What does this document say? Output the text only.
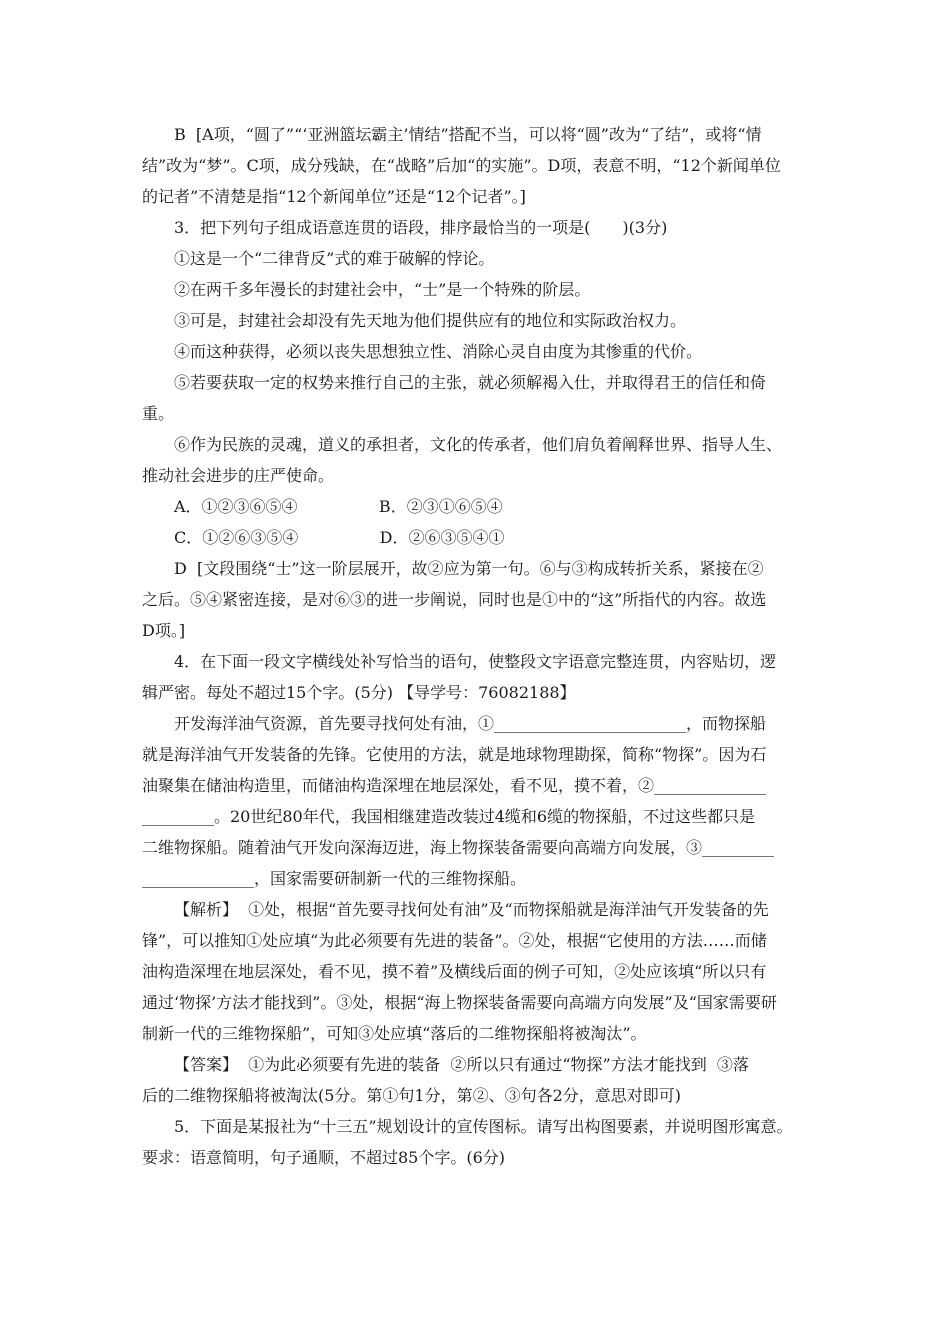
B  [A项，“圆了”“‘亚洲篮坛霸主’情结”搭配不当，可以将“圆”改为“了结”，或将“情
结”改为“梦”。C项，成分残缺，在“战略”后加“的实施”。D项，表意不明，“12个新闻单位
的记者”不清楚是指“12个新闻单位”还是“12个记者”。]
3．把下列句子组成语意连贯的语段，排序最恰当的一项是(　　)(3分)
①这是一个“二律背反”式的难于破解的悖论。
②在两千多年漫长的封建社会中，“士”是一个特殊的阶层。
③可是，封建社会却没有先天地为他们提供应有的地位和实际政治权力。
④而这种获得，必须以丧失思想独立性、消除心灵自由度为其惨重的代价。
⑤若要获取一定的权势来推行自己的主张，就必须解褐入仕，并取得君王的信任和倚
重。
⑥作为民族的灵魂，道义的承担者，文化的传承者，他们肩负着阐释世界、指导人生、
推动社会进步的庄严使命。
A．①②③⑥⑤④                B．②③①⑥⑤④
C．①②⑥③⑤④                D．②⑥③⑤④①
D  [文段围绕“士”这一阶层展开，故②应为第一句。⑥与③构成转折关系，紧接在②
之后。⑤④紧密连接，是对⑥③的进一步阐说，同时也是①中的“这”所指代的内容。故选
D项。]
4．在下面一段文字横线处补写恰当的语句，使整段文字语意完整连贯，内容贴切，逻
辑严密。每处不超过15个字。(5分) 【导学号：76082188】
开发海洋油气资源，首先要寻找何处有油，①________________________，而物探船
就是海洋油气开发装备的先锋。它使用的方法，就是地球物理勘探，简称“物探”。因为石
油聚集在储油构造里，而储油构造深埋在地层深处，看不见，摸不着，②______________
_________。20世纪80年代，我国相继建造改装过4缆和6缆的物探船，不过这些都只是
二维物探船。随着油气开发向深海迈进，海上物探装备需要向高端方向发展，③_________
______________，国家需要研制新一代的三维物探船。
【解析】  ①处，根据“首先要寻找何处有油”及“而物探船就是海洋油气开发装备的先
锋”，可以推知①处应填“为此必须要有先进的装备”。②处，根据“它使用的方法……而储
油构造深埋在地层深处，看不见，摸不着”及横线后面的例子可知，②处应该填“所以只有
通过‘物探’方法才能找到”。③处，根据“海上物探装备需要向高端方向发展”及“国家需要研
制新一代的三维物探船”，可知③处应填“落后的二维物探船将被淘汰”。
【答案】  ①为此必须要有先进的装备  ②所以只有通过“物探”方法才能找到  ③落
后的二维物探船将被淘汰(5分。第①句1分，第②、③句各2分，意思对即可)
5．下面是某报社为“十三五”规划设计的宣传图标。请写出构图要素，并说明图形寓意。
要求：语意简明，句子通顺，不超过85个字。(6分)
